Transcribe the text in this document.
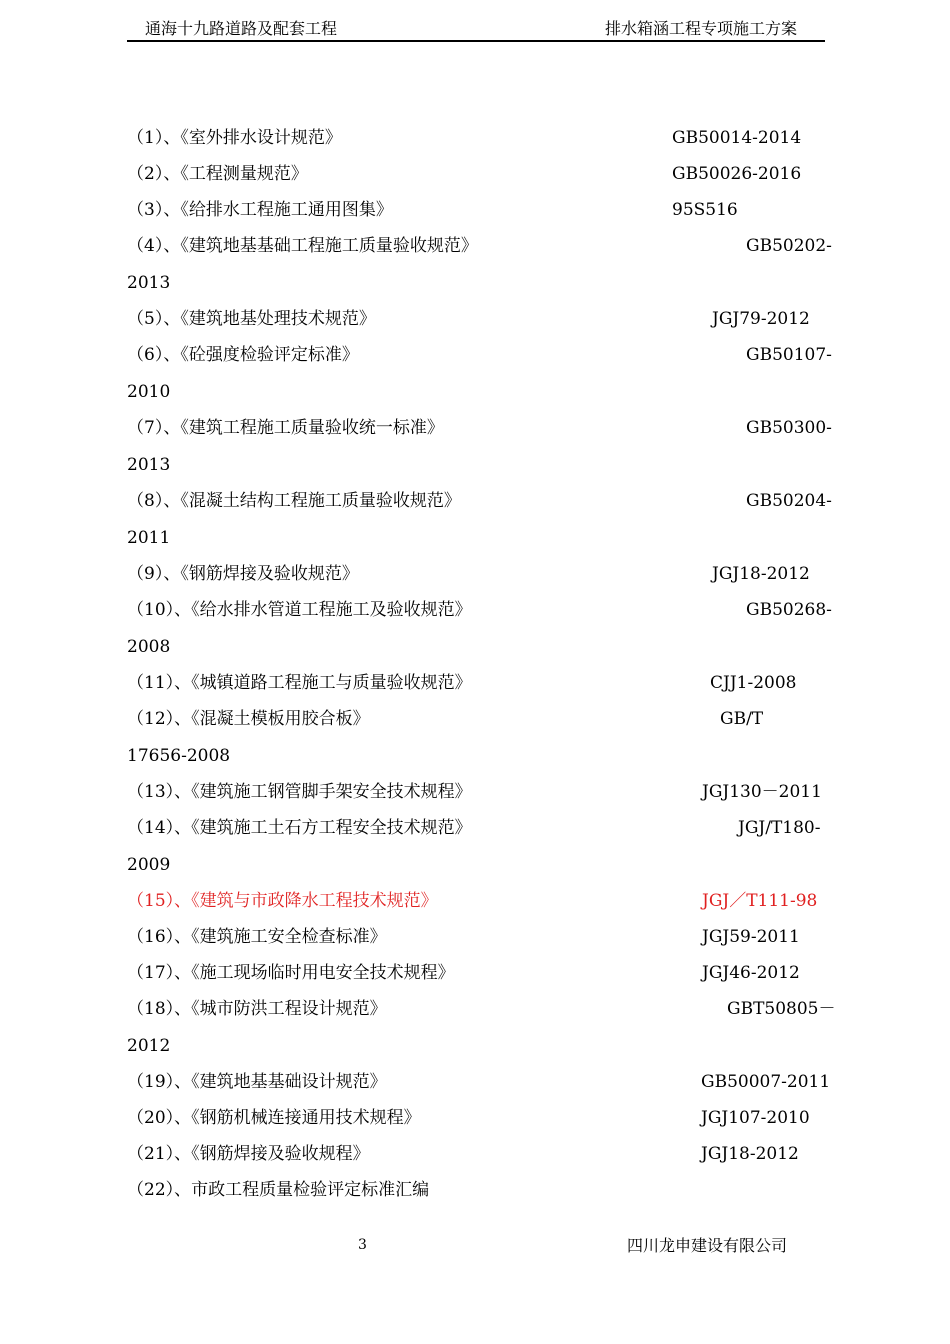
通海十九路道路及配套工程	排水箱涵工程专项施工方案
（1）、《室外排水设计规范》	GB50014-2014
（2）、《工程测量规范》	GB50026-2016
（3）、《给排水工程施工通用图集》	95S516
（4）、《建筑地基基础工程施工质量验收规范》	GB50202-
2013
（5）、《建筑地基处理技术规范》	JGJ79-2012
（6）、《砼强度检验评定标准》	GB50107-
2010
（7）、《建筑工程施工质量验收统一标准》	GB50300-
2013
（8）、《混凝土结构工程施工质量验收规范》	GB50204-
2011
（9）、《钢筋焊接及验收规范》	JGJ18-2012
（10）、《给水排水管道工程施工及验收规范》	GB50268-
2008
（11）、《城镇道路工程施工与质量验收规范》	CJJ1-2008
（12）、《混凝土模板用胶合板》	GB/T
17656-2008
（13）、《建筑施工钢管脚手架安全技术规程》	JGJ130－2011
（14）、《建筑施工土石方工程安全技术规范》	JGJ/T180-
2009
（15）、《建筑与市政降水工程技术规范》	JGJ／T111-98
（16）、《建筑施工安全检查标准》	JGJ59-2011
（17）、《施工现场临时用电安全技术规程》	JGJ46-2012
（18）、《城市防洪工程设计规范》	GBT50805－
2012
（19）、《建筑地基基础设计规范》	GB50007-2011
（20）、《钢筋机械连接通用技术规程》	JGJ107-2010
（21）、《钢筋焊接及验收规程》	JGJ18-2012
（22）、市政工程质量检验评定标准汇编
3	四川龙申建设有限公司
